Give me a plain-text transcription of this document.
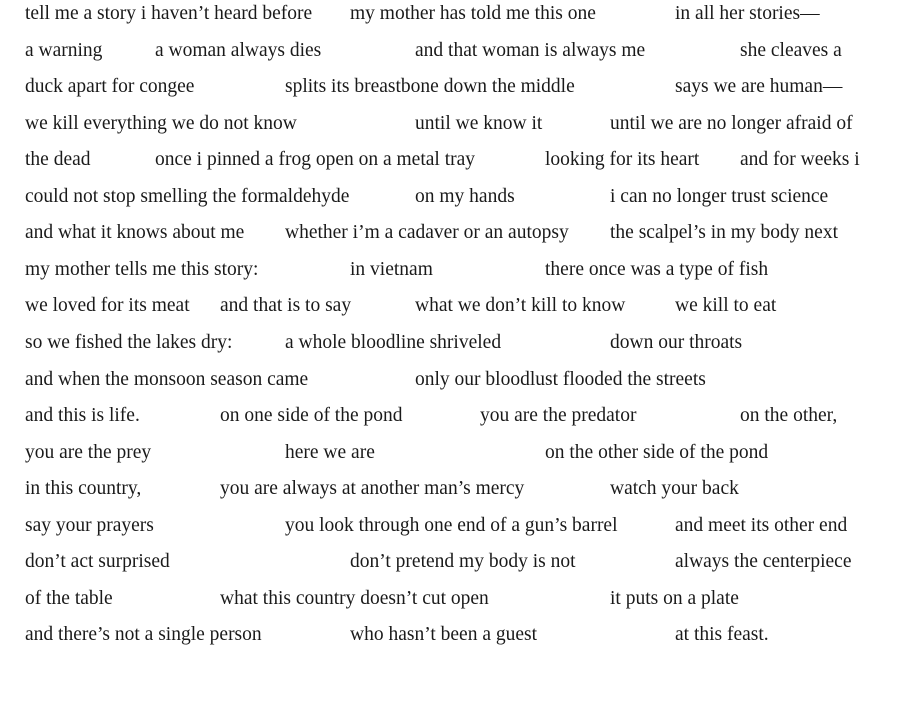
tell me a story i haven’t heard before my mother has told me this one	in all her stories—
a warning	a woman always dies	and that woman is always me	she cleaves a
duck apart for congee	splits its breastbone down the middle	says we are human—
we kill everything we do not know	until we know it	until we are no longer afraid of
the dead	once i pinned a frog open on a metal tray	looking for its heart and for weeks i
could not stop smelling the formaldehyde	on my hands	i can no longer trust science
and what it knows about me whether i’m a cadaver or an autopsy the scalpel’s in my body next
my mother tells me this story:	in vietnam	there once was a type of fish
we loved for its meat and that is to say	what we don’t kill to know	we kill to eat
so we fished the lakes dry:	a whole bloodline shriveled	down our throats
and when the monsoon season came	only our bloodlust flooded the streets
and this is life.	on one side of the pond	you are the predator	on the other,
you are the prey	here we are	on the other side of the pond
in this country,	you are always at another man’s mercy	watch your back
say your prayers	you look through one end of a gun’s barrel	and meet its other end
don’t act surprised	don’t pretend my body is not	always the centerpiece
of the table	what this country doesn’t cut open	it puts on a plate
and there’s not a single person	who hasn’t been a guest	at this feast.
